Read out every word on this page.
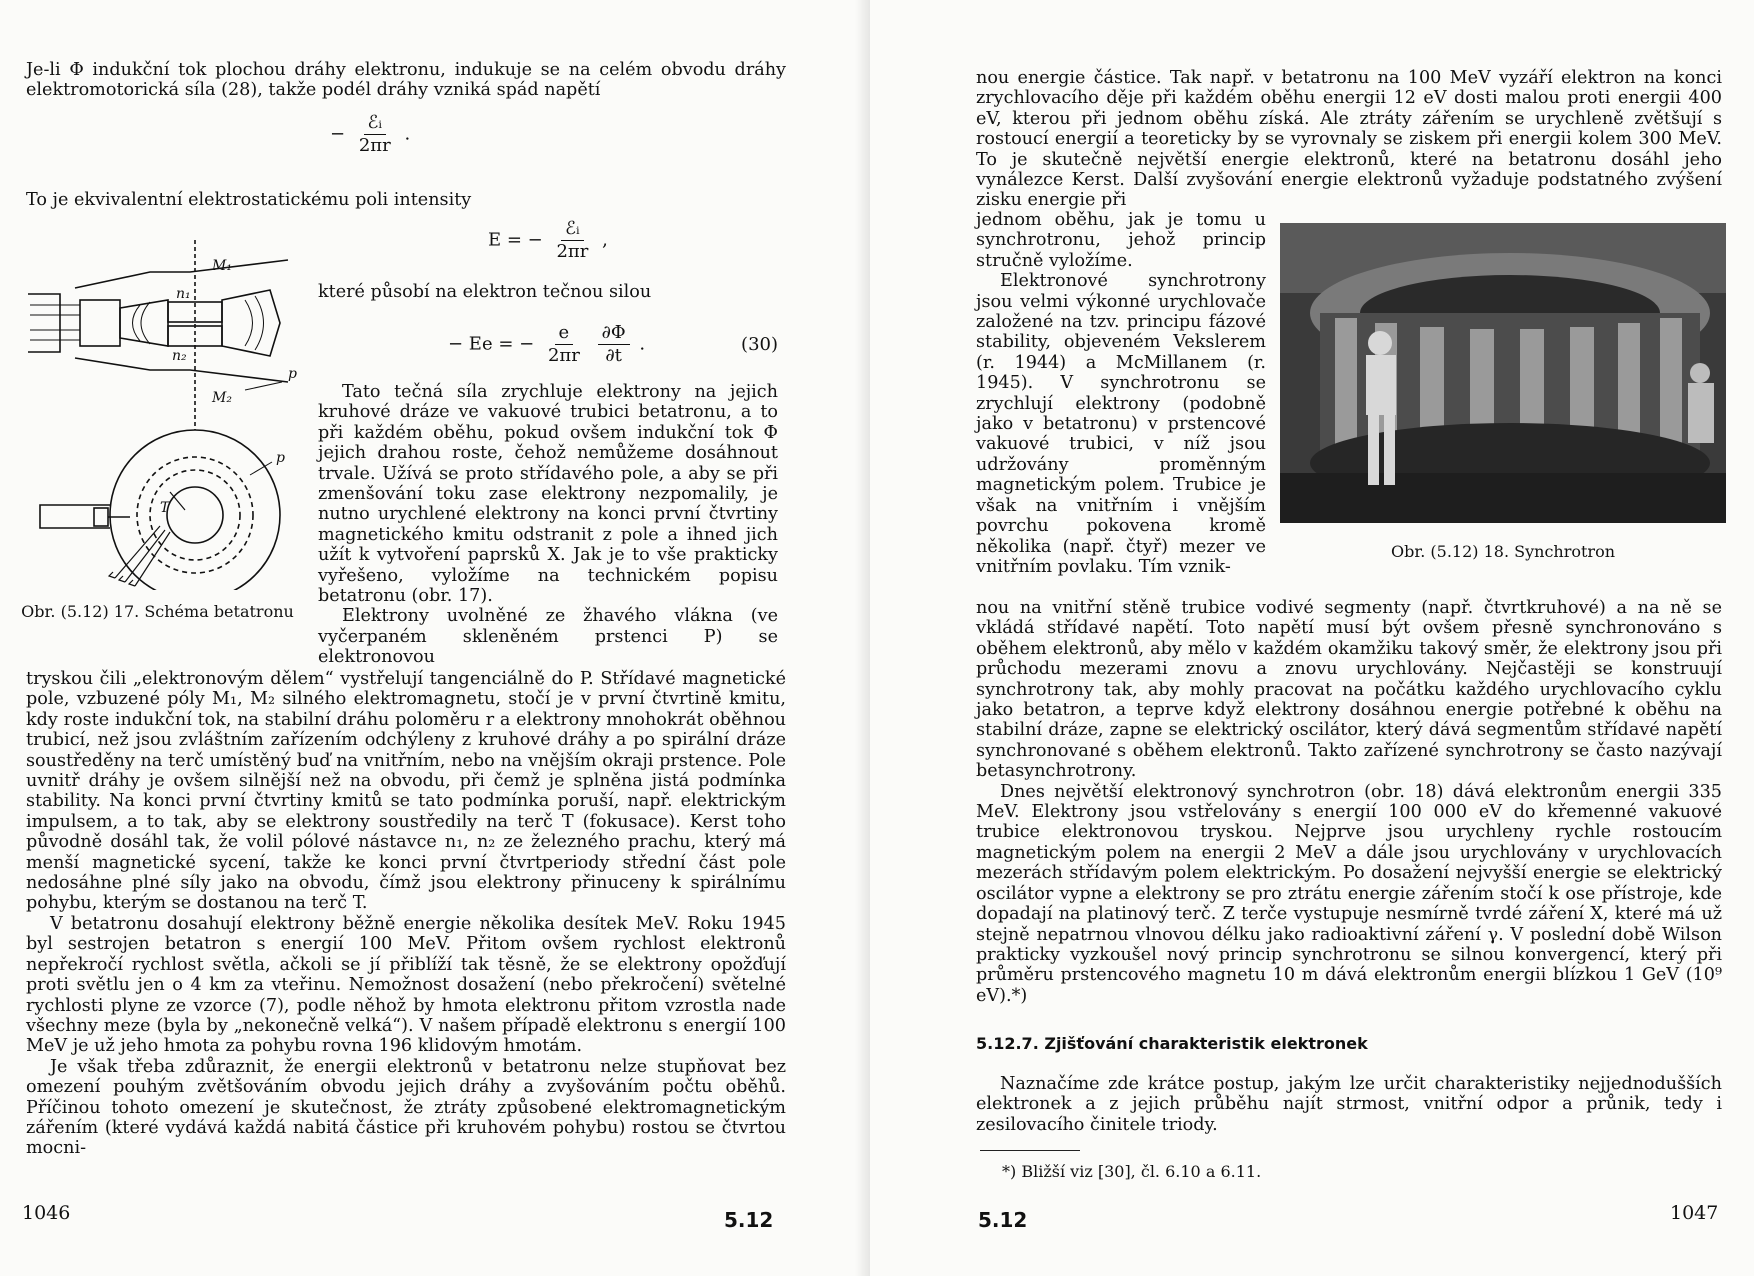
Je-li Φ indukční tok plochou dráhy elektronu, indukuje se na celém obvodu dráhy elektromotorická síla (28), takže podél dráhy vzniká spád napětí

− $\frac{\text{ℰᵢ}}{2\pi r}$ .

To je ekvivalentní elektrostatickému poli intensity

E = − $\frac{\text{ℰᵢ}}{2\pi r}$ ,

které působí na elektron tečnou silou

− Ee = − $\frac{e}{2\pi r}$
$\frac{\partial\Phi}{\partial t}$ .	(30)
M₁
M₂
n₁
n₂
p
p
T
Obr. (5.12) 17. Schéma betatronu

Tato tečná síla zrychluje elektrony na jejich kruhové dráze ve vakuové trubici betatronu, a to při každém oběhu, pokud ovšem indukční tok Φ jejich drahou roste, čehož nemůžeme dosáhnout trvale. Užívá se proto střídavého pole, a aby se při zmenšování toku zase elektrony nezpomalily, je nutno urychlené elektrony na konci první čtvrtiny magnetického kmitu odstranit z pole a ihned jich užít k vytvoření paprsků X. Jak je to vše prakticky vyřešeno, vyložíme na technickém popisu betatronu (obr. 17).

Elektrony uvolněné ze žhavého vlákna (ve vyčerpaném skleněném prstenci P) se elektronovou

tryskou čili „elektronovým dělem“ vystřelují tangenciálně do P. Střídavé magnetické pole, vzbuzené póly M₁, M₂ silného elektromagnetu, stočí je v první čtvrtině kmitu, kdy roste indukční tok, na stabilní dráhu poloměru r a elektrony mnohokrát oběhnou trubicí, než jsou zvláštním zařízením odchýleny z kruhové dráhy a po spirální dráze soustředěny na terč umístěný buď na vnitřním, nebo na vnějším okraji prstence. Pole uvnitř dráhy je ovšem silnější než na obvodu, při čemž je splněna jistá podmínka stability. Na konci první čtvrtiny kmitů se tato podmínka poruší, např. elektrickým impulsem, a to tak, aby se elektrony soustředily na terč T (fokusace). Kerst toho původně dosáhl tak, že volil pólové nástavce n₁, n₂ ze železného prachu, který má menší magnetické sycení, takže ke konci první čtvrtperiody střední část pole nedosáhne plné síly jako na obvodu, čímž jsou elektrony přinuceny k spirálnímu pohybu, kterým se dostanou na terč T.

V betatronu dosahují elektrony běžně energie několika desítek MeV. Roku 1945 byl sestrojen betatron s energií 100 MeV. Přitom ovšem rychlost elektronů nepřekročí rychlost světla, ačkoli se jí přiblíží tak těsně, že se elektrony opožďují proti světlu jen o 4 km za vteřinu. Nemožnost dosažení (nebo překročení) světelné rychlosti plyne ze vzorce (7), podle něhož by hmota elektronu přitom vzrostla nade všechny meze (byla by „nekonečně velká“). V našem případě elektronu s energií 100 MeV je už jeho hmota za pohybu rovna 196 klidovým hmotám.

Je však třeba zdůraznit, že energii elektronů v betatronu nelze stupňovat bez omezení pouhým zvětšováním obvodu jejich dráhy a zvyšováním počtu oběhů. Příčinou tohoto omezení je skutečnost, že ztráty způsobené elektromagnetickým zářením (které vydává každá nabitá částice při kruhovém pohybu) rostou se čtvrtou mocni-

1046	5.12

nou energie částice. Tak např. v betatronu na 100 MeV vyzáří elektron na konci zrychlovacího děje při každém oběhu energii 12 eV dosti malou proti energii 400 eV, kterou při jednom oběhu získá. Ale ztráty zářením se urychleně zvětšují s rostoucí energií a teoreticky by se vyrovnaly se ziskem při energii kolem 300 MeV. To je skutečně největší energie elektronů, které na betatronu dosáhl jeho vynálezce Kerst. Další zvyšování energie elektronů vyžaduje podstatného zvýšení zisku energie při

jednom oběhu, jak je tomu u synchrotronu, jehož princip stručně vyložíme.

Elektronové synchrotrony jsou velmi výkonné urychlovače založené na tzv. principu fázové stability, objeveném Vekslerem (r. 1944) a McMillanem (r. 1945). V synchrotronu se zrychlují elektrony (podobně jako v betatronu) v prstencové vakuové trubici, v níž jsou udržovány proměnným magnetickým polem. Trubice je však na vnitřním i vnějším povrchu pokovena kromě několika (např. čtyř) mezer ve vnitřním povlaku. Tím vznik-

Obr. (5.12) 18. Synchrotron

nou na vnitřní stěně trubice vodivé segmenty (např. čtvrtkruhové) a na ně se vkládá střídavé napětí. Toto napětí musí být ovšem přesně synchronováno s oběhem elektronů, aby mělo v každém okamžiku takový směr, že elektrony jsou při průchodu mezerami znovu a znovu urychlovány. Nejčastěji se konstruují synchrotrony tak, aby mohly pracovat na počátku každého urychlovacího cyklu jako betatron, a teprve když elektrony dosáhnou energie potřebné k oběhu na stabilní dráze, zapne se elektrický oscilátor, který dává segmentům střídavé napětí synchronované s oběhem elektronů. Takto zařízené synchrotrony se často nazývají betasynchrotrony.

Dnes největší elektronový synchrotron (obr. 18) dává elektronům energii 335 MeV. Elektrony jsou vstřelovány s energií 100 000 eV do křemenné vakuové trubice elektronovou tryskou. Nejprve jsou urychleny rychle rostoucím magnetickým polem na energii 2 MeV a dále jsou urychlovány v urychlovacích mezerách střídavým polem elektrickým. Po dosažení nejvyšší energie se elektrický oscilátor vypne a elektrony se pro ztrátu energie zářením stočí k ose přístroje, kde dopadají na platinový terč. Z terče vystupuje nesmírně tvrdé záření X, které má už stejně nepatrnou vlnovou délku jako radioaktivní záření γ. V poslední době Wilson prakticky vyzkoušel nový princip synchrotronu se silnou konvergencí, který při průměru prstencového magnetu 10 m dává elektronům energii blízkou 1 GeV (10⁹ eV).*)

5.12.7. Zjišťování charakteristik elektronek

Naznačíme zde krátce postup, jakým lze určit charakteristiky nejjednodušších elektronek a z jejich průběhu najít strmost, vnitřní odpor a průnik, tedy i zesilovacího činitele triody.

*) Bližší viz [30], čl. 6.10 a 6.11.
5.12	1047
